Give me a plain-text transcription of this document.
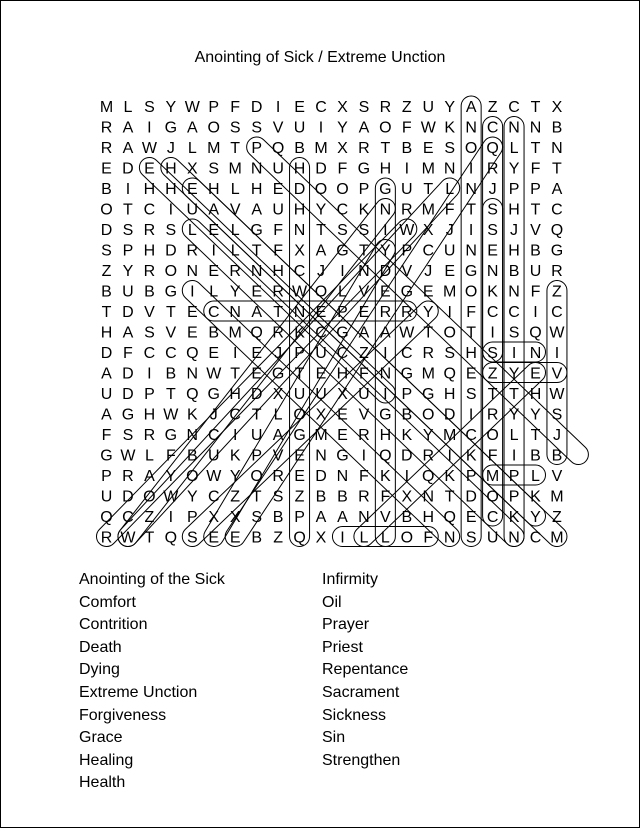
Anointing of Sick / Extreme Unction
M L S Y W P F D I E C X S R Z U Y A Z C T X
R A I G A O S S V U I Y A O F W K N C N N B
R A W J L M T P Q B M X R T B E S O Q L T N
E D E H X S M N U H D F G H I M N I R Y F T
B I H H E H L H E D O O P G U T L N J P P A
O T C I U A V A U H Y C K N R M F T S H T C
D S R S L E L G F N T S S I W X J I S J V Q
S P H D R I L T F X A G T Y P C U N E H B G
Z Y R O N E R N H C J I N D V J E G N B U R
B U B G I L Y E R W O L V E G E M O K N F Z
T D V T E C N A T N E P E R R Y I F C C I C
H A S V E B M Q R K C G A A W T O T I S Q W
D F C C Q E I E J P U C Z I C R S H S I N I
A D I B N W T E G T E H F N G M Q E Z Y E V
U D P T Q G H D X U U X U I P G H S T T H W
A G H W K J C T L O X E V G B O D I R Y Y S
F S R G N C I U A G M E R H K Y M C O L T J
G W L F B U K P V E N G I Q D R I K F I B B
P R A Y O W Y O R E D N F K I Q K P M P L V
U D O W Y C Z T S Z B B R F X N T D O P K M
Q C Z I P X X S B P A A N V B H Q E C K Y Z
R W T Q S E E B Z Q X I L L O F N S U N C M
Anointing of the Sick
Comfort
Contrition
Death
Dying
Extreme Unction
Forgiveness
Grace
Healing
Health
Infirmity
Oil
Prayer
Priest
Repentance
Sacrament
Sickness
Sin
Strengthen
